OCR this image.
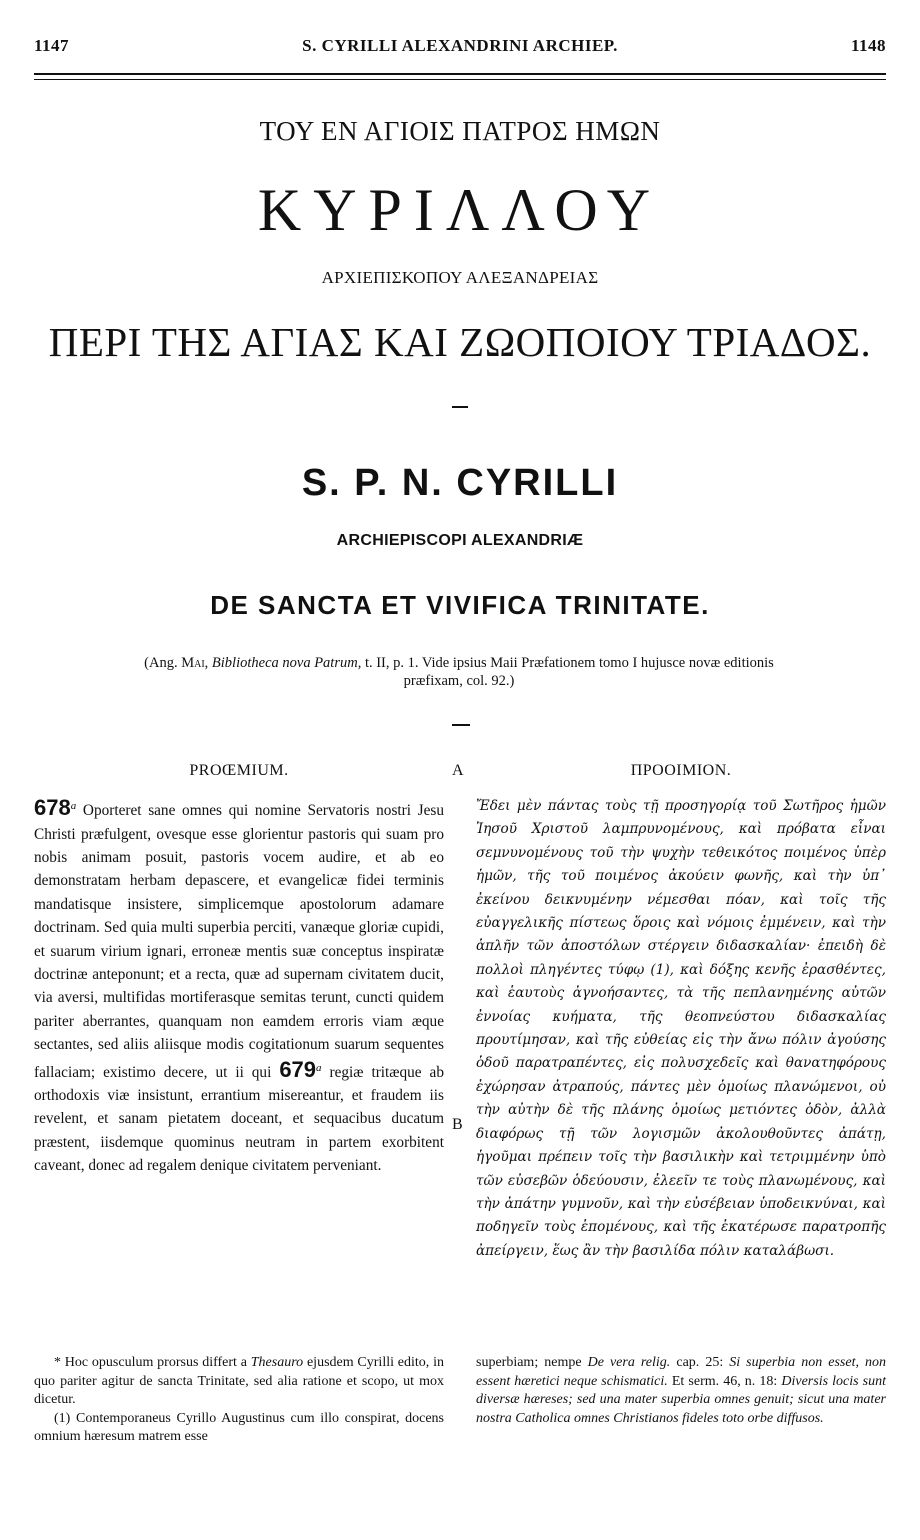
1147	S. CYRILLI ALEXANDRINI ARCHIEP.	1148
ΤΟΥ ΕΝ ΑΓΙΟΙΣ ΠΑΤΡΟΣ ΗΜΩΝ
ΚΥΡΙΛΛΟΥ
ΑΡΧΙΕΠΙΣΚΟΠΟΥ ΑΛΕΞΑΝΔΡΕΙΑΣ
ΠΕΡΙ ΤΗΣ ΑΓΙΑΣ ΚΑΙ ΖΩΟΠΟΙΟΥ ΤΡΙΑΔΟΣ.
S. P. N. CYRILLI
ARCHIEPISCOPI ALEXANDRIÆ
DE SANCTA ET VIVIFICA TRINITATE.
(Ang. Mai, Bibliotheca nova Patrum, t. II, p. 1. Vide ipsius Maii Præfationem tomo I hujusce novæ editionis
præfixam, col. 92.)
PROŒMIUM.	A	ΠΡΟΟΙΜΙΟΝ.

678$^a$ Oporteret sane omnes qui nomine Servatoris nostri Jesu Christi præfulgent, ovesque esse glorientur pastoris qui suam pro nobis animam posuit, pastoris vocem audire, et ab eo demonstratam herbam depascere, et evangelicæ fidei terminis mandatisque insistere, simplicemque apostolorum adamare doctrinam. Sed quia multi superbia perciti, vanæque gloriæ cupidi, et suarum virium ignari, erroneæ mentis suæ conceptus inspiratæ doctrinæ anteponunt; et a recta, quæ ad supernam civitatem ducit, via aversi, multifidas mortiferasque semitas terunt, cuncti quidem pariter aberrantes, quanquam non eamdem erroris viam æque sectantes, sed aliis aliisque modis cogitationum suarum sequentes fallaciam; existimo decere, ut ii qui 679$^a$ regiæ tritæque ab orthodoxis viæ insistunt, errantium misereantur, et fraudem iis revelent, et sanam pietatem doceant, et sequacibus ducatum præstent, iisdemque quominus neutram in partem exorbitent caveant, donec ad regalem denique civitatem perveniant.

B

Ἔδει μὲν πάντας τοὺς τῇ προσηγορίᾳ τοῦ Σωτῆρος ἡμῶν Ἰησοῦ Χριστοῦ λαμπρυνομένους, καὶ πρόβατα εἶναι σεμνυνομένους τοῦ τὴν ψυχὴν τεθεικότος ποιμένος ὑπὲρ ἡμῶν, τῆς τοῦ ποιμένος ἀκούειν φωνῆς, καὶ τὴν ὑπ᾽ ἐκείνου δεικνυμένην νέμεσθαι πόαν, καὶ τοῖς τῆς εὐαγγελικῆς πίστεως ὅροις καὶ νόμοις ἐμμένειν, καὶ τὴν ἁπλῆν τῶν ἀποστόλων στέργειν διδασκαλίαν· ἐπειδὴ δὲ πολλοὶ πληγέντες τύφῳ (1), καὶ δόξης κενῆς ἐρασθέντες, καὶ ἑαυτοὺς ἀγνοήσαντες, τὰ τῆς πεπλανημένης αὐτῶν ἐννοίας κυήματα, τῆς θεοπνεύστου διδασκαλίας προυτίμησαν, καὶ τῆς εὐθείας εἰς τὴν ἄνω πόλιν ἀγούσης ὁδοῦ παρατραπέντες, εἰς πολυσχεδεῖς καὶ θανατηφόρους ἐχώρησαν ἀτραπούς, πάντες μὲν ὁμοίως πλανώμενοι, οὐ τὴν αὐτὴν δὲ τῆς πλάνης ὁμοίως μετιόντες ὁδὸν, ἀλλὰ διαφόρως τῇ τῶν λογισμῶν ἀκολουθοῦντες ἀπάτῃ, ἡγοῦμαι πρέπειν τοῖς τὴν βασιλικὴν καὶ τετριμμένην ὑπὸ τῶν εὐσεβῶν ὁδεύουσιν, ἐλεεῖν τε τοὺς πλανωμένους, καὶ τὴν ἀπάτην γυμνοῦν, καὶ τὴν εὐσέβειαν ὑποδεικνύναι, καὶ ποδηγεῖν τοὺς ἑπομένους, καὶ τῆς ἑκατέρωσε παρατροπῆς ἀπείργειν, ἕως ἂν τὴν βασιλίδα πόλιν καταλάβωσι.

* Hoc opusculum prorsus differt a Thesauro ejusdem Cyrilli edito, in quo pariter agitur de sancta Trinitate, sed alia ratione et scopo, ut mox dicetur.

(1) Contemporaneus Cyrillo Augustinus cum illo conspirat, docens omnium hæresum matrem esse

superbiam; nempe De vera relig. cap. 25: Si superbia non esset, non essent hæretici neque schismatici. Et serm. 46, n. 18: Diversis locis sunt diversæ hæreses; sed una mater superbia omnes genuit; sicut una mater nostra Catholica omnes Christianos fideles toto orbe diffusos.
